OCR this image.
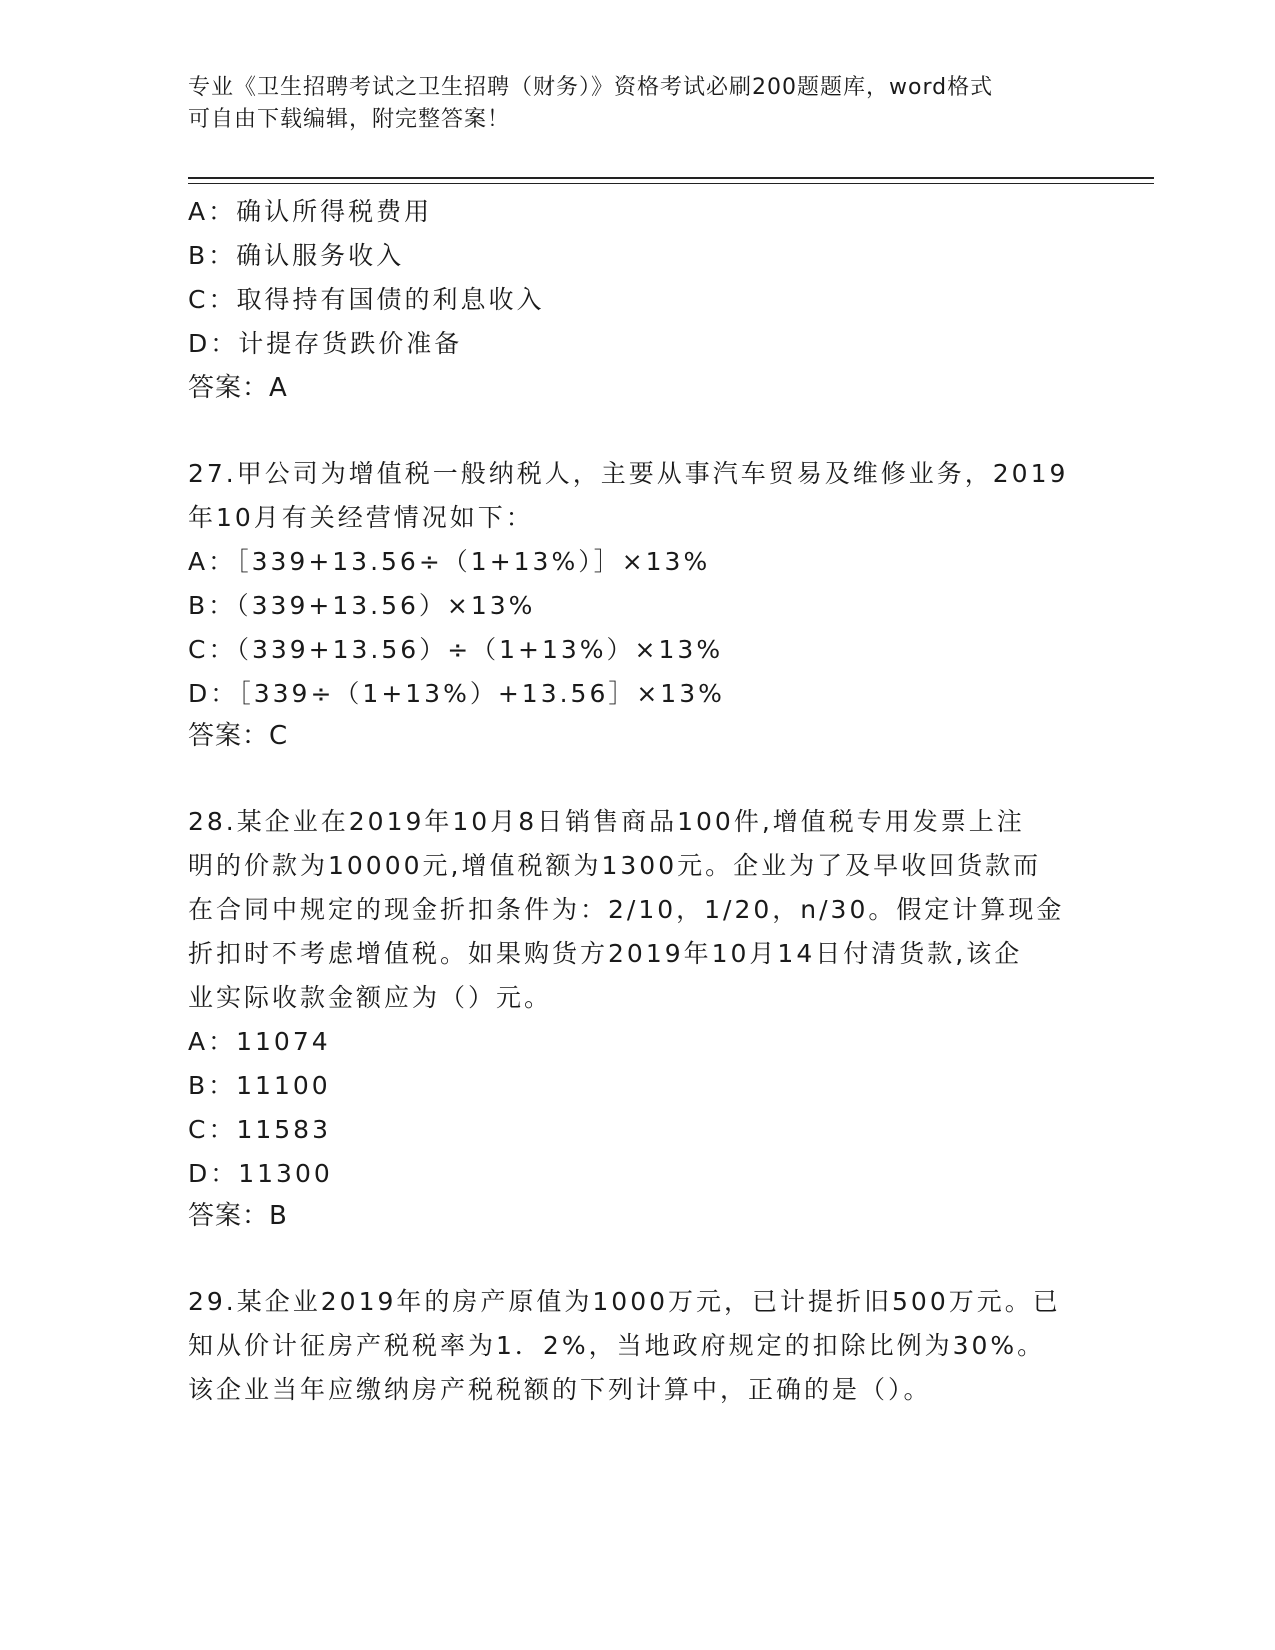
专业《卫生招聘考试之卫生招聘（财务）》资格考试必刷200题题库，word格式
可自由下载编辑，附完整答案！
A：确认所得税费用
B：确认服务收入
C：取得持有国债的利息收入
D：计提存货跌价准备
答案：A
27.甲公司为增值税一般纳税人，主要从事汽车贸易及维修业务，2019
年10月有关经营情况如下：
A：［339+13.56÷（1+13%）］×13%
B：（339+13.56）×13%
C：（339+13.56）÷（1+13%）×13%
D：［339÷（1+13%）+13.56］×13%
答案：C
28.某企业在2019年10月8日销售商品100件,增值税专用发票上注
明的价款为10000元,增值税额为1300元。企业为了及早收回货款而
在合同中规定的现金折扣条件为：2/10，1/20，n/30。假定计算现金
折扣时不考虑增值税。如果购货方2019年10月14日付清货款,该企
业实际收款金额应为（）元。
A：11074
B：11100
C：11583
D：11300
答案：B
29.某企业2019年的房产原值为1000万元，已计提折旧500万元。已
知从价计征房产税税率为1．2%，当地政府规定的扣除比例为30%。
该企业当年应缴纳房产税税额的下列计算中，正确的是（）。
